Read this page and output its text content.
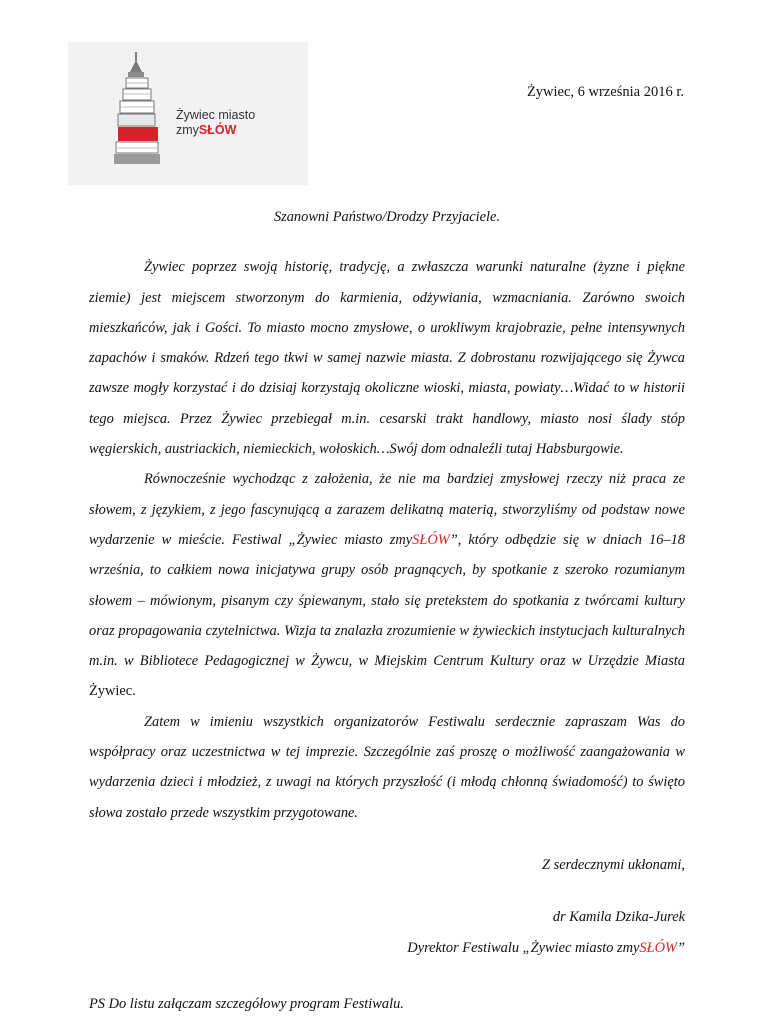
Żywiec miasto
zmySŁÓW
Żywiec, 6 września 2016 r.

Szanowni Państwo/Drodzy Przyjaciele.

Żywiec poprzez swoją historię, tradycję, a zwłaszcza warunki naturalne (żyzne i piękne ziemie) jest miejscem stworzonym do karmienia, odżywiania, wzmacniania. Zarówno swoich mieszkańców, jak i Gości. To miasto mocno zmysłowe, o urokliwym krajobrazie, pełne intensywnych zapachów i smaków. Rdzeń tego tkwi w samej nazwie miasta. Z dobrostanu rozwijającego się Żywca zawsze mogły korzystać i do dzisiaj korzystają okoliczne wioski, miasta, powiaty…Widać to w historii tego miejsca. Przez Żywiec przebiegał m.in. cesarski trakt handlowy, miasto nosi ślady stóp węgierskich, austriackich, niemieckich, wołoskich…Swój dom odnaleźli tutaj Habsburgowie.

Równocześnie wychodząc z założenia, że nie ma bardziej zmysłowej rzeczy niż praca ze słowem, z językiem, z jego fascynującą a zarazem delikatną materią, stworzyliśmy od podstaw nowe wydarzenie w mieście. Festiwal „Żywiec miasto zmySŁÓW”, który odbędzie się w dniach 16–18 września, to całkiem nowa inicjatywa grupy osób pragnących, by spotkanie z szeroko rozumianym słowem – mówionym, pisanym czy śpiewanym, stało się pretekstem do spotkania z twórcami kultury oraz propagowania czytelnictwa. Wizja ta znalazła zrozumienie w żywieckich instytucjach kulturalnych m.in. w Bibliotece Pedagogicznej w Żywcu, w Miejskim Centrum Kultury oraz w Urzędzie Miasta Żywiec.

Zatem w imieniu wszystkich organizatorów Festiwalu serdecznie zapraszam Was do współpracy oraz uczestnictwa w tej imprezie. Szczególnie zaś proszę o możliwość zaangażowania w wydarzenia dzieci i młodzież, z uwagi na których przyszłość (i młodą chłonną świadomość) to święto słowa zostało przede wszystkim przygotowane.

Z serdecznymi ukłonami,

dr Kamila Dzika-Jurek

Dyrektor Festiwalu „Żywiec miasto zmySŁÓW”

PS Do listu załączam szczegółowy program Festiwalu.
